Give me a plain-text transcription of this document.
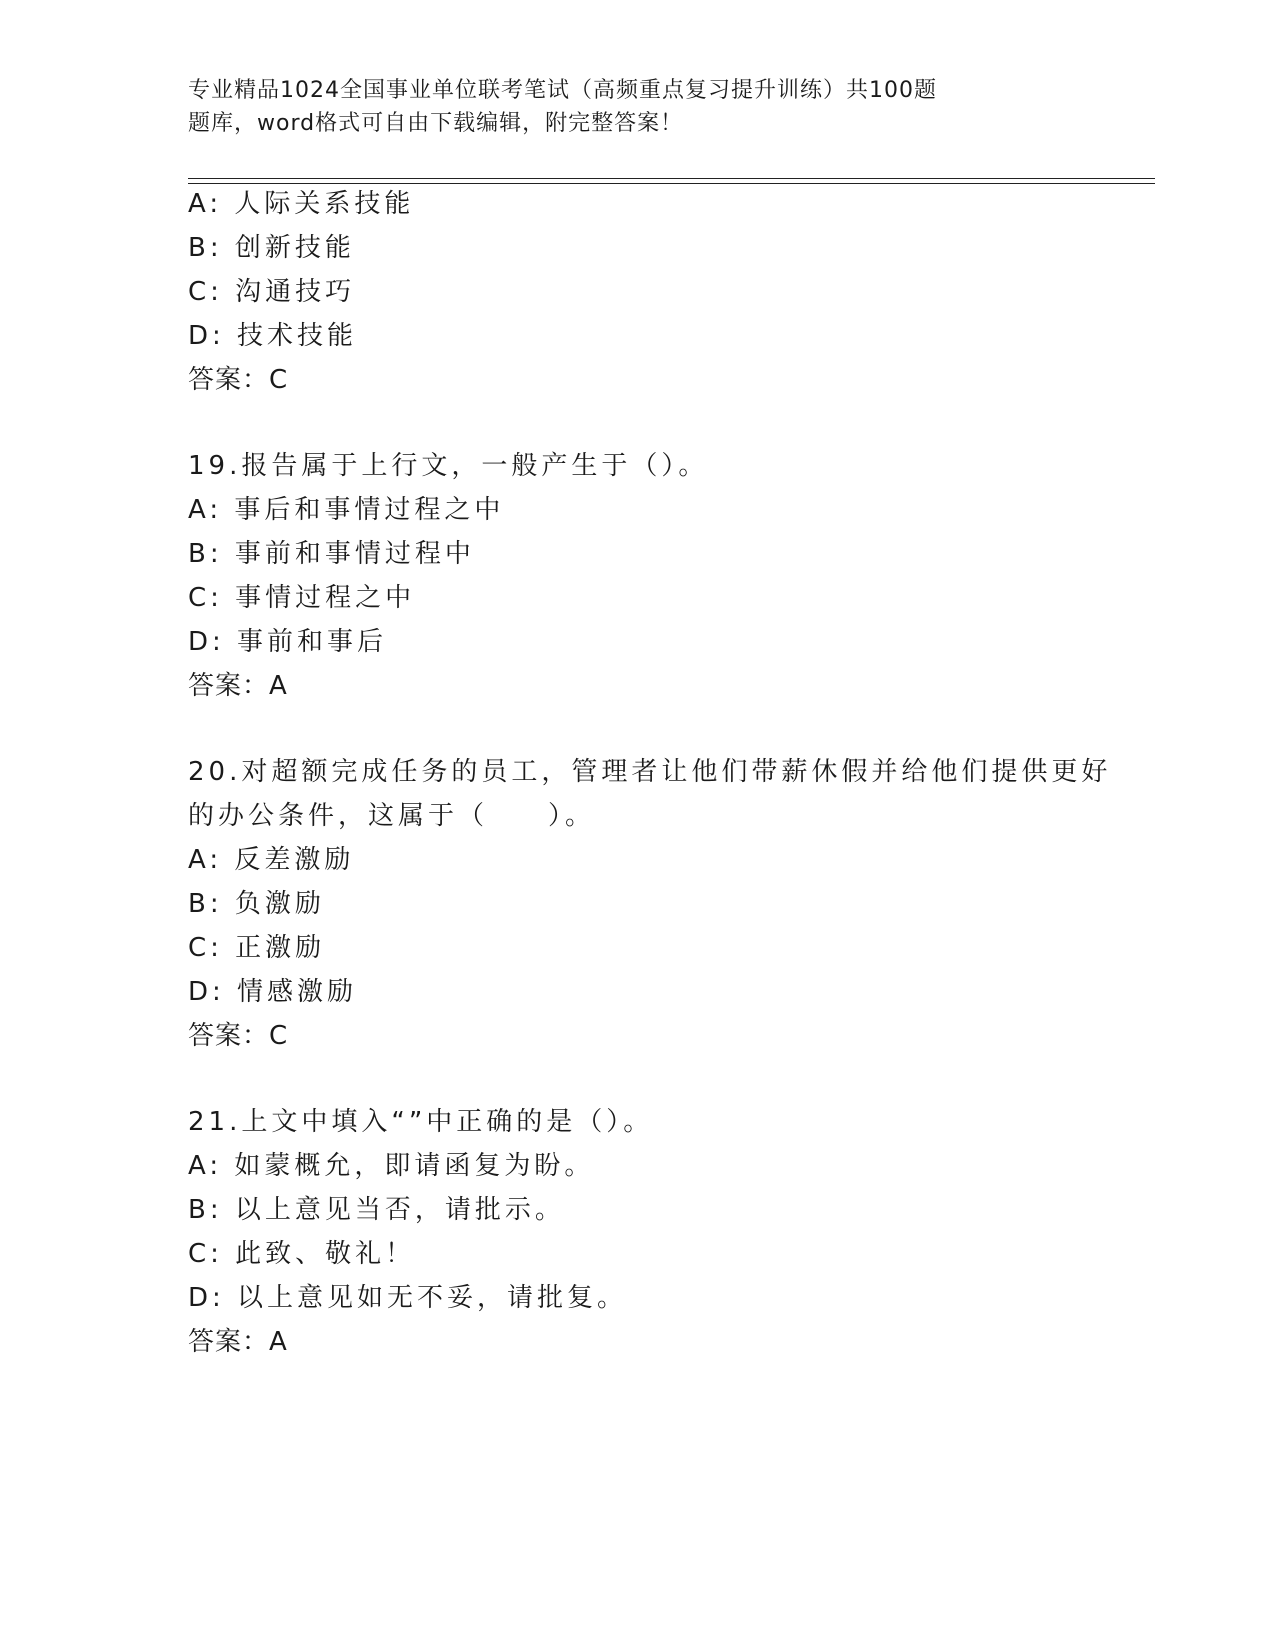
专业精品1024全国事业单位联考笔试（高频重点复习提升训练）共100题
题库，word格式可自由下载编辑，附完整答案！
A: 人际关系技能
B: 创新技能
C: 沟通技巧
D: 技术技能
答案：C
19.报告属于上行文，一般产生于（）。
A: 事后和事情过程之中
B: 事前和事情过程中
C: 事情过程之中
D: 事前和事后
答案：A
20.对超额完成任务的员工，管理者让他们带薪休假并给他们提供更好
的办公条件，这属于（　　）。
A: 反差激励
B: 负激励
C: 正激励
D: 情感激励
答案：C
21.上文中填入“”中正确的是（）。
A: 如蒙概允，即请函复为盼。
B: 以上意见当否，请批示。
C: 此致、敬礼！
D: 以上意见如无不妥，请批复。
答案：A
